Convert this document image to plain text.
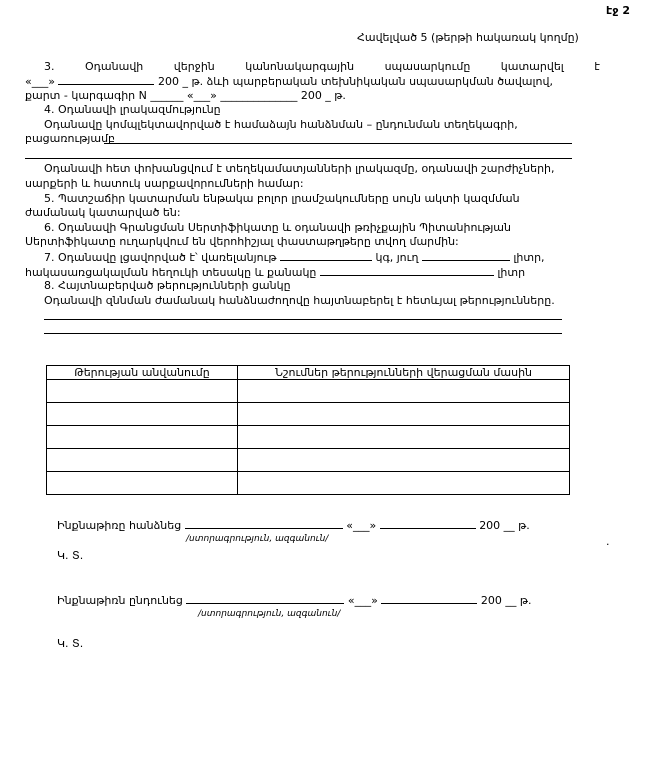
էջ 2
Հավելված 5 (թերթի հակառակ կողմը)
3.	Օդանավի	վերջին	կանոնակարգային	սպասարկումը	կատարվել	է
«___»	200 _ թ. ձևի պարբերական տեխնիկական սպասարկման ծավալով,
քարտ - կարգագիր N ______ «___» ______________ 200 _ թ.
4. Օդանավի լրակազմությունը
Օդանավը կոմպլեկտավորված է համաձայն հանձնման – ընդունման տեղեկագրի,
բացառությամբ
Օդանավի հետ փոխանցվում է տեղեկամատյանների լրակազմը, օդանավի շարժիչների,
սարքերի և հատուկ սարքավորումների համար:
5. Պատշաճիր կատարման ենթակա բոլոր լրամշակումները սույն ակտի կազմման
ժամանակ կատարված են:
6. Օդանավի Գրանցման Սերտիֆիկատը և օդանավի թռիչքային Պիտանիության
Սերտիֆիկատը ուղարկվում են վերոհիշյալ փաստաթղթերը տվող մարմին:
7. Օդանավը լցավորված է՝ վառելանյութ	կգ, յուղ	լիտր,
հակասառցակալման հեղուկի տեսակը և քանակը	լիտր
8. Հայտնաբերված թերությունների ցանկը
Օդանավի զննման ժամանակ հանձնաժողովը հայտնաբերել է հետևյալ թերությունները.
Թերության անվանումը	Նշումներ թերությունների վերացման մասին

Ինքնաթիռը հանձնեց	«___»	200 __ թ.
/ստորագրություն, ազգանուն/
Կ. Տ.
.
Ինքնաթիռն ընդունեց	«___»	200 __ թ.
/ստորագրություն, ազգանուն/
Կ. Տ.
